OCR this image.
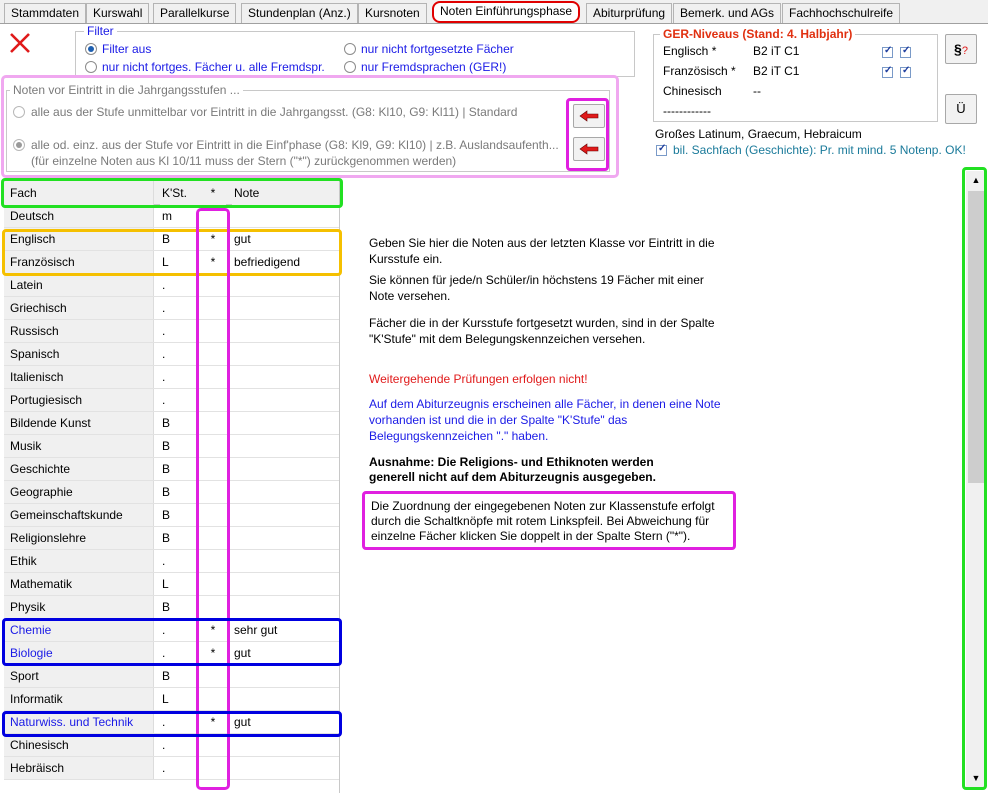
Stammdaten	Kurswahl	Parallelkurse	Stundenplan (Anz.)	Kursnoten	Noten Einführungsphase	Abiturprüfung	Bemerk. und AGs	Fachhochschulreife
Filter
Filter aus	nur nicht fortgesetzte Fächer
nur nicht fortges. Fächer u. alle Fremdspr.	nur Fremdsprachen (GER!)
Noten vor Eintritt in die Jahrgangsstufen ...
alle aus der Stufe unmittelbar vor Eintritt in die Jahrgangsst. (G8: Kl10, G9: Kl11) | Standard
alle od. einz. aus der Stufe vor Eintritt in die Einf'phase (G8: Kl9, G9: Kl10) | z.B. Auslandsaufenth...
(für einzelne Noten aus Kl 10/11 muss der Stern ("*") zurückgenommen werden)
GER-Niveaus (Stand: 4. Halbjahr)
Englisch *	B2 iT C1
✓
✓
Französisch * B2 iT C1
✓
✓
Chinesisch	--
------------
§?
Ü
Großes Latinum, Graecum, Hebraicum
✓
bil. Sachfach (Geschichte): Pr. mit mind. 5 Notenp. OK!
Fach	K'St.	*	Note
Deutsch	m
Englisch	B	*	gut
Französisch	L	*	befriedigend
Latein	.
Griechisch	.
Russisch	.
Spanisch	.
Italienisch	.
Portugiesisch	.
Bildende Kunst	B
Musik	B
Geschichte	B
Geographie	B
Gemeinschaftskunde	B
Religionslehre	B
Ethik	.
Mathematik	L
Physik	B
Chemie	.	*	sehr gut
Biologie	.	*	gut
Sport	B
Informatik	L
Naturwiss. und Technik	.	*	gut
Chinesisch	.
Hebräisch	.
Geben Sie hier die Noten aus der letzten Klasse vor Eintritt in die Kursstufe ein.
Sie können für jede/n Schüler/in höchstens 19 Fächer mit einer Note versehen.
Fächer die in der Kursstufe fortgesetzt wurden, sind in der Spalte "K'Stufe" mit dem Belegungskennzeichen versehen.
Weitergehende Prüfungen erfolgen nicht!
Auf dem Abiturzeugnis erscheinen alle Fächer, in denen eine Note vorhanden ist und die in der Spalte "K'Stufe" das Belegungskennzeichen "." haben.
Ausnahme: Die Religions- und Ethiknoten werden generell nicht auf dem Abiturzeugnis ausgegeben.
Die Zuordnung der eingegebenen Noten zur Klassenstufe erfolgt durch die Schaltknöpfe mit rotem Linkspfeil. Bei Abweichung für einzelne Fächer klicken Sie doppelt in der Spalte Stern ("*").
▲
▼
